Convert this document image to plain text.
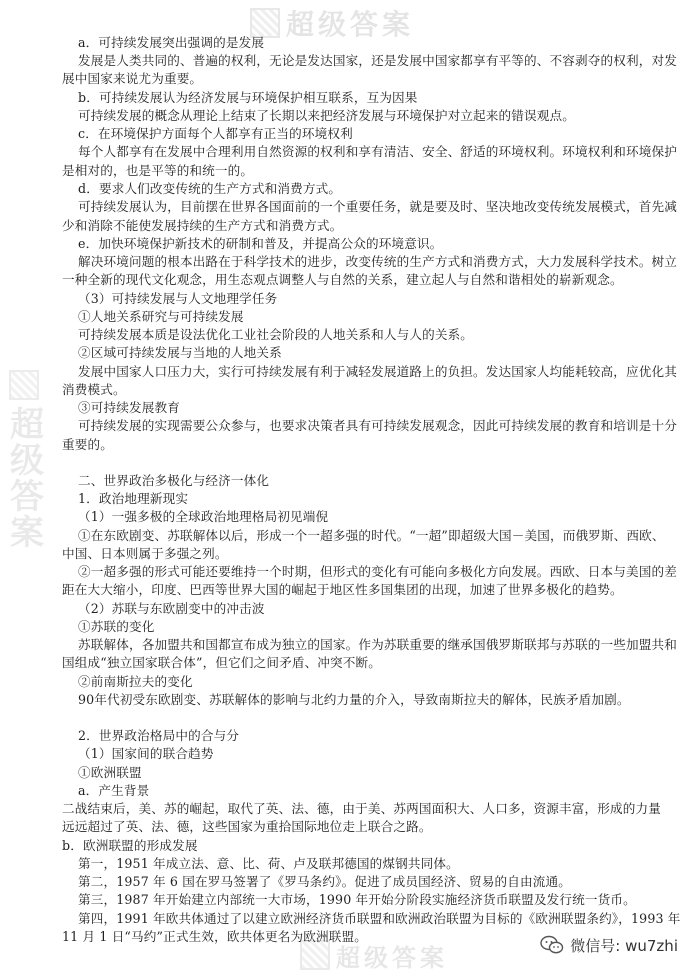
超级答案
超级答案
超级答案
a．可持续发展突出强调的是发展
发展是人类共同的、普遍的权利，无论是发达国家，还是发展中国家都享有平等的、不容剥夺的权利，对发
展中国家来说尤为重要。
b．可持续发展认为经济发展与环境保护相互联系，互为因果
可持续发展的概念从理论上结束了长期以来把经济发展与环境保护对立起来的错误观点。
c．在环境保护方面每个人都享有正当的环境权利
每个人都享有在发展中合理利用自然资源的权利和享有清洁、安全、舒适的环境权利。环境权利和环境保护
是相对的，也是平等的和统一的。
d．要求人们改变传统的生产方式和消费方式。
可持续发展认为，目前摆在世界各国面前的一个重要任务，就是要及时、坚决地改变传统发展模式，首先减
少和消除不能使发展持续的生产方式和消费方式。
e．加快环境保护新技术的研制和普及，并提高公众的环境意识。
解决环境问题的根本出路在于科学技术的进步，改变传统的生产方式和消费方式，大力发展科学技术。树立
一种全新的现代文化观念，用生态观点调整人与自然的关系，建立起人与自然和谐相处的崭新观念。
（3）可持续发展与人文地理学任务
①人地关系研究与可持续发展
可持续发展本质是设法优化工业社会阶段的人地关系和人与人的关系。
②区域可持续发展与当地的人地关系
发展中国家人口压力大，实行可持续发展有利于减轻发展道路上的负担。发达国家人均能耗较高，应优化其
消费模式。
③可持续发展教育
可持续发展的实现需要公众参与，也要求决策者具有可持续发展观念，因此可持续发展的教育和培训是十分
重要的。
二、世界政治多极化与经济一体化
1．政治地理新现实
（1）一强多极的全球政治地理格局初见端倪
①在东欧剧变、苏联解体以后，形成一个一超多强的时代。“一超”即超级大国－美国，而俄罗斯、西欧、
中国、日本则属于多强之列。
②一超多强的形式可能还要维持一个时期，但形式的变化有可能向多极化方向发展。西欧、日本与美国的差
距在大大缩小，印度、巴西等世界大国的崛起于地区性多国集团的出现，加速了世界多极化的趋势。
（2）苏联与东欧剧变中的冲击波
①苏联的变化
苏联解体，各加盟共和国都宣布成为独立的国家。作为苏联重要的继承国俄罗斯联邦与苏联的一些加盟共和
国组成“独立国家联合体”，但它们之间矛盾、冲突不断。
②前南斯拉夫的变化
90年代初受东欧剧变、苏联解体的影响与北约力量的介入，导致南斯拉夫的解体，民族矛盾加剧。
2．世界政治格局中的合与分
（1）国家间的联合趋势
①欧洲联盟
a．产生背景
二战结束后，美、苏的崛起，取代了英、法、德，由于美、苏两国面积大、人口多，资源丰富，形成的力量
远远超过了英、法、德，这些国家为重拾国际地位走上联合之路。
b．欧洲联盟的形成发展
第一，1951 年成立法、意、比、荷、卢及联邦德国的煤钢共同体。
第二，1957 年 6 国在罗马签署了《罗马条约》。促进了成员国经济、贸易的自由流通。
第三，1987 年开始建立内部统一大市场，1990 年开始分阶段实施经济货币联盟及发行统一货币。
第四，1991 年欧共体通过了以建立欧洲经济货币联盟和欧洲政治联盟为目标的《欧洲联盟条约》，1993 年
11 月 1 日“马约”正式生效，欧共体更名为欧洲联盟。	微信号: wu7zhi
